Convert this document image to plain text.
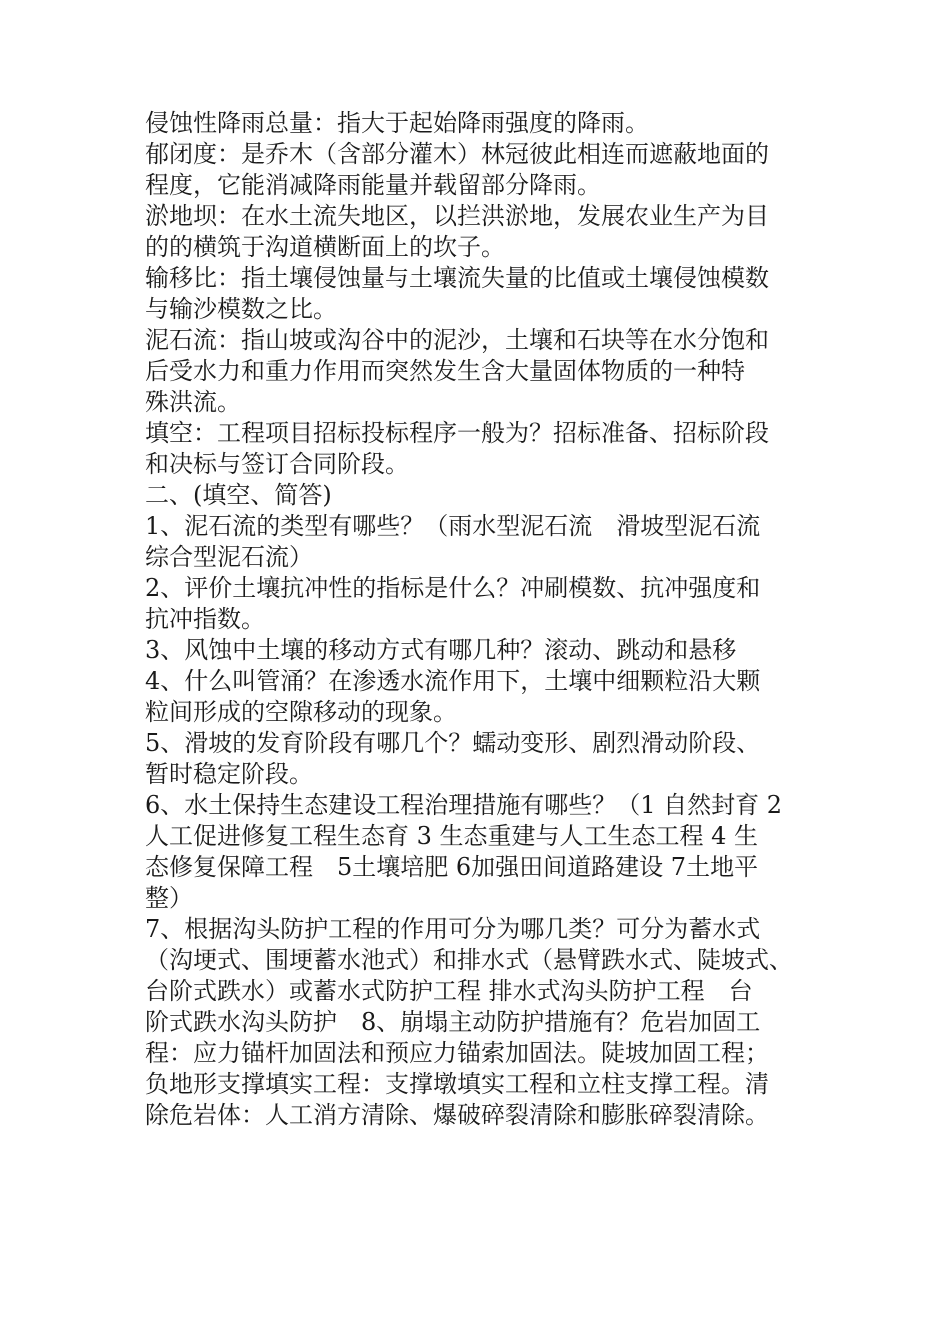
侵蚀性降雨总量：指大于起始降雨强度的降雨。
郁闭度：是乔木（含部分灌木）林冠彼此相连而遮蔽地面的
程度，它能消减降雨能量并载留部分降雨。
淤地坝：在水土流失地区，以拦洪淤地，发展农业生产为目
的的横筑于沟道横断面上的坎子。
输移比：指土壤侵蚀量与土壤流失量的比值或土壤侵蚀模数
与输沙模数之比。
泥石流：指山坡或沟谷中的泥沙，土壤和石块等在水分饱和
后受水力和重力作用而突然发生含大量固体物质的一种特
殊洪流。
填空：工程项目招标投标程序一般为？招标准备、招标阶段
和决标与签订合同阶段。
二、(填空、简答)
1、泥石流的类型有哪些？（雨水型泥石流　滑坡型泥石流
综合型泥石流）
2、评价土壤抗冲性的指标是什么？冲刷模数、抗冲强度和
抗冲指数。
3、风蚀中土壤的移动方式有哪几种？滚动、跳动和悬移
4、什么叫管涌？在渗透水流作用下，土壤中细颗粒沿大颗
粒间形成的空隙移动的现象。
5、滑坡的发育阶段有哪几个？蠕动变形、剧烈滑动阶段、
暂时稳定阶段。
6、水土保持生态建设工程治理措施有哪些？（1 自然封育 2
人工促进修复工程生态育 3 生态重建与人工生态工程 4 生
态修复保障工程　5土壤培肥 6加强田间道路建设 7土地平
整）
7、根据沟头防护工程的作用可分为哪几类？可分为蓄水式
（沟埂式、围埂蓄水池式）和排水式（悬臂跌水式、陡坡式、
台阶式跌水）或蓄水式防护工程 排水式沟头防护工程　台
阶式跌水沟头防护　8、崩塌主动防护措施有？危岩加固工
程：应力锚杆加固法和预应力锚索加固法。陡坡加固工程；
负地形支撑填实工程：支撑墩填实工程和立柱支撑工程。清
除危岩体：人工消方清除、爆破碎裂清除和膨胀碎裂清除。
